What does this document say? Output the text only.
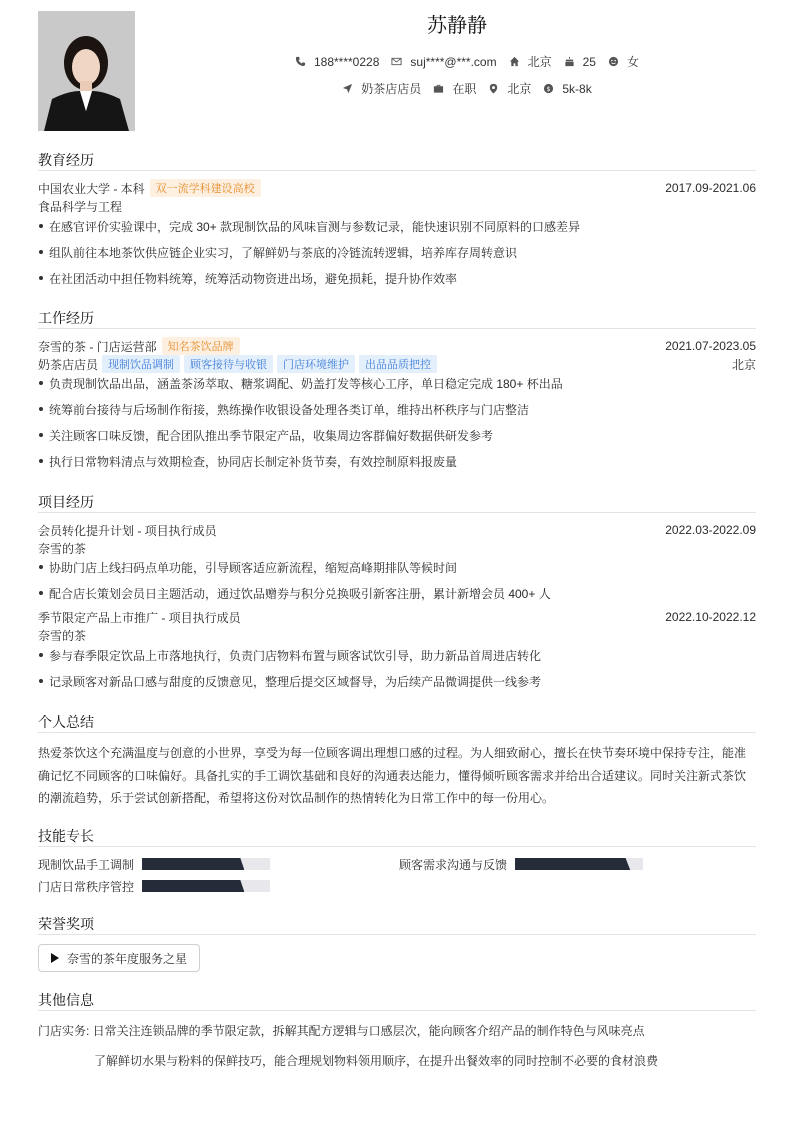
苏静静
188****0228	suj****@***.com	北京	25	女
奶茶店店员	在职	北京 $ 5k-8k
教育经历
中国农业大学 - 本科	双一流学科建设高校	2017.09-2021.06
食品科学与工程
在感官评价实验课中，完成 30+ 款现制饮品的风味盲测与参数记录，能快速识别不同原料的口感差异
组队前往本地茶饮供应链企业实习，了解鲜奶与茶底的冷链流转逻辑，培养库存周转意识
在社团活动中担任物料统筹，统筹活动物资进出场，避免损耗，提升协作效率
工作经历
奈雪的茶 - 门店运营部	知名茶饮品牌	2021.07-2023.05
奶茶店店员 现制饮品调制	顾客接待与收银	门店环境维护	出品品质把控	北京
负责现制饮品出品，涵盖茶汤萃取、糖浆调配、奶盖打发等核心工序，单日稳定完成 180+ 杯出品
统筹前台接待与后场制作衔接，熟练操作收银设备处理各类订单，维持出杯秩序与门店整洁
关注顾客口味反馈，配合团队推出季节限定产品，收集周边客群偏好数据供研发参考
执行日常物料清点与效期检查，协同店长制定补货节奏，有效控制原料报废量
项目经历
会员转化提升计划 - 项目执行成员	2022.03-2022.09
奈雪的茶
协助门店上线扫码点单功能，引导顾客适应新流程，缩短高峰期排队等候时间
配合店长策划会员日主题活动，通过饮品赠券与积分兑换吸引新客注册，累计新增会员 400+ 人
季节限定产品上市推广 - 项目执行成员	2022.10-2022.12
奈雪的茶
参与春季限定饮品上市落地执行，负责门店物料布置与顾客试饮引导，助力新品首周进店转化
记录顾客对新品口感与甜度的反馈意见，整理后提交区域督导，为后续产品微调提供一线参考
个人总结
热爱茶饮这个充满温度与创意的小世界，享受为每一位顾客调出理想口感的过程。为人细致耐心，擅长在快节奏环境中保持专注，能准
确记忆不同顾客的口味偏好。具备扎实的手工调饮基础和良好的沟通表达能力，懂得倾听顾客需求并给出合适建议。同时关注新式茶饮
的潮流趋势，乐于尝试创新搭配，希望将这份对饮品制作的热情转化为日常工作中的每一份用心。
技能专长
现制饮品手工调制	顾客需求沟通与反馈
门店日常秩序管控
荣誉奖项
奈雪的茶年度服务之星
其他信息
门店实务: 日常关注连锁品牌的季节限定款，拆解其配方逻辑与口感层次，能向顾客介绍产品的制作特色与风味亮点
了解鲜切水果与粉料的保鲜技巧，能合理规划物料领用顺序，在提升出餐效率的同时控制不必要的食材浪费
